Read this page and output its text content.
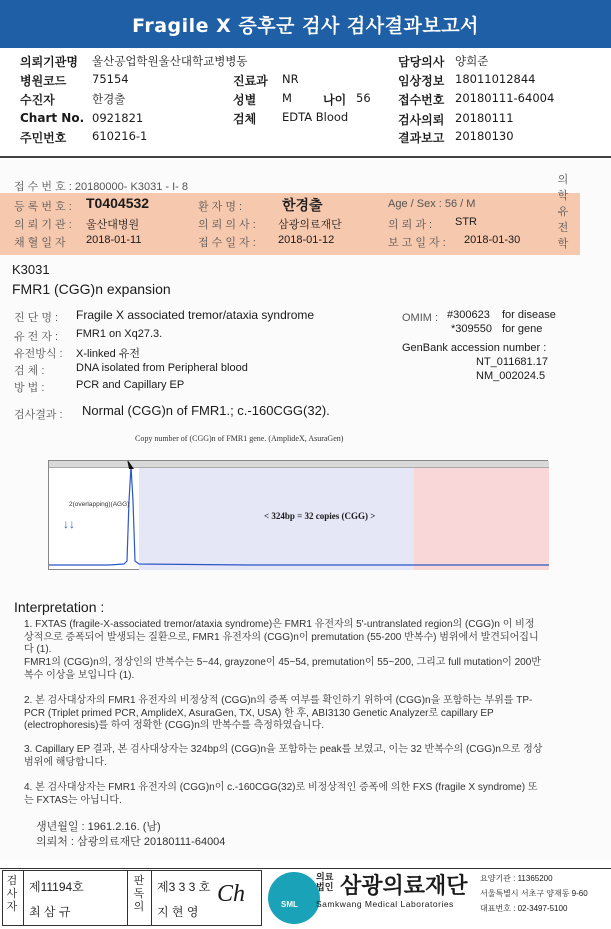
Fragile X 증후군 검사 검사결과보고서
의뢰기관명 울산공업학원울산대학교병병동	담당의사 양희준
병원코드 75154	진료과 NR	임상정보 18011012844
수진자	한경출	성별 M	나이 56 접수번호 20180111-64004
Chart No. 0921821	검체 EDTA Blood	검사의뢰 20180111
주민번호 610216-1	결과보고 20180130
접 수 번 호 : 20180000- K3031 - I- 8
등 록 번 호 : T0404532	환 자 명 :	한경출	Age / Sex : 56 / M
의 뢰 기 관 : 울산대병원	의 뢰 의 사 : 삼광의료재단	의 뢰 과 : STR
채 혈 일 자 2018-01-11	접 수 일 자 : 2018-01-12	보 고 일 자 : 2018-01-30
의학유전학
K3031
FMR1 (CGG)n expansion
진 단 명 : Fragile X associated tremor/ataxia syndrome
유 전 자 : FMR1 on Xq27.3.
유전방식 : X-linked 유전
검 체 :	DNA isolated from Peripheral blood
방 법 :	PCR and Capillary EP
OMIM : #300623 for disease
*309550 for gene
GenBank accession number :
NT_011681.17
NM_002024.5
검사결과 : Normal (CGG)n of FMR1.; c.-160CGG(32).
Copy number of (CGG)n of FMR1 gene. (AmplideX, AsuraGen)
2(overlapping)(AGG)
↓↓
< 324bp = 32 copies (CGG) >
Interpretation :
1. FXTAS (fragile-X-associated tremor/ataxia syndrome)은 FMR1 유전자의 5'-untranslated region의 (CGG)n 이 비정상적으로 증폭되어 발생되는 질환으로, FMR1 유전자의 (CGG)n이 premutation (55-200 반복수) 범위에서 발견되어집니다 (1).
FMR1의 (CGG)n의, 정상인의 반복수는 5~44, grayzone이 45~54, premutation이 55~200, 그리고 full mutation이 200반복수 이상을 보입니다 (1).
2. 본 검사대상자의 FMR1 유전자의 비정상적 (CGG)n의 증폭 여부를 확인하기 위하여 (CGG)n을 포함하는 부위를 TP-PCR (Triplet primed PCR, AmplideX, AsuraGen, TX, USA) 한 후, ABI3130 Genetic Analyzer로 capillary EP (electrophoresis)를 하여 정확한 (CGG)n의 반복수를 측정하였습니다.
3. Capillary EP 결과, 본 검사대상자는 324bp의 (CGG)n을 포함하는 peak를 보였고, 이는 32 반복수의 (CGG)n으로 정상범위에 해당합니다.
4. 본 검사대상자는 FMR1 유전자의 (CGG)n이 c.-160CGG(32)로 비정상적인 증폭에 의한 FXS (fragile X syndrome) 또는 FXTAS는 아닙니다.
생년월일 : 1961.2.16. (남)
의뢰처 : 삼광의료재단 20180111-64004
검사자
제11194호
최 삼 규
판독의
제3 3 3 호
지 현 영
Ch	SML
의료법인 삼광의료재단
Samkwang Medical Laboratories
요양기관 : 11365200
서울특별시 서초구 양재동 9-60
대표번호 : 02-3497-5100
